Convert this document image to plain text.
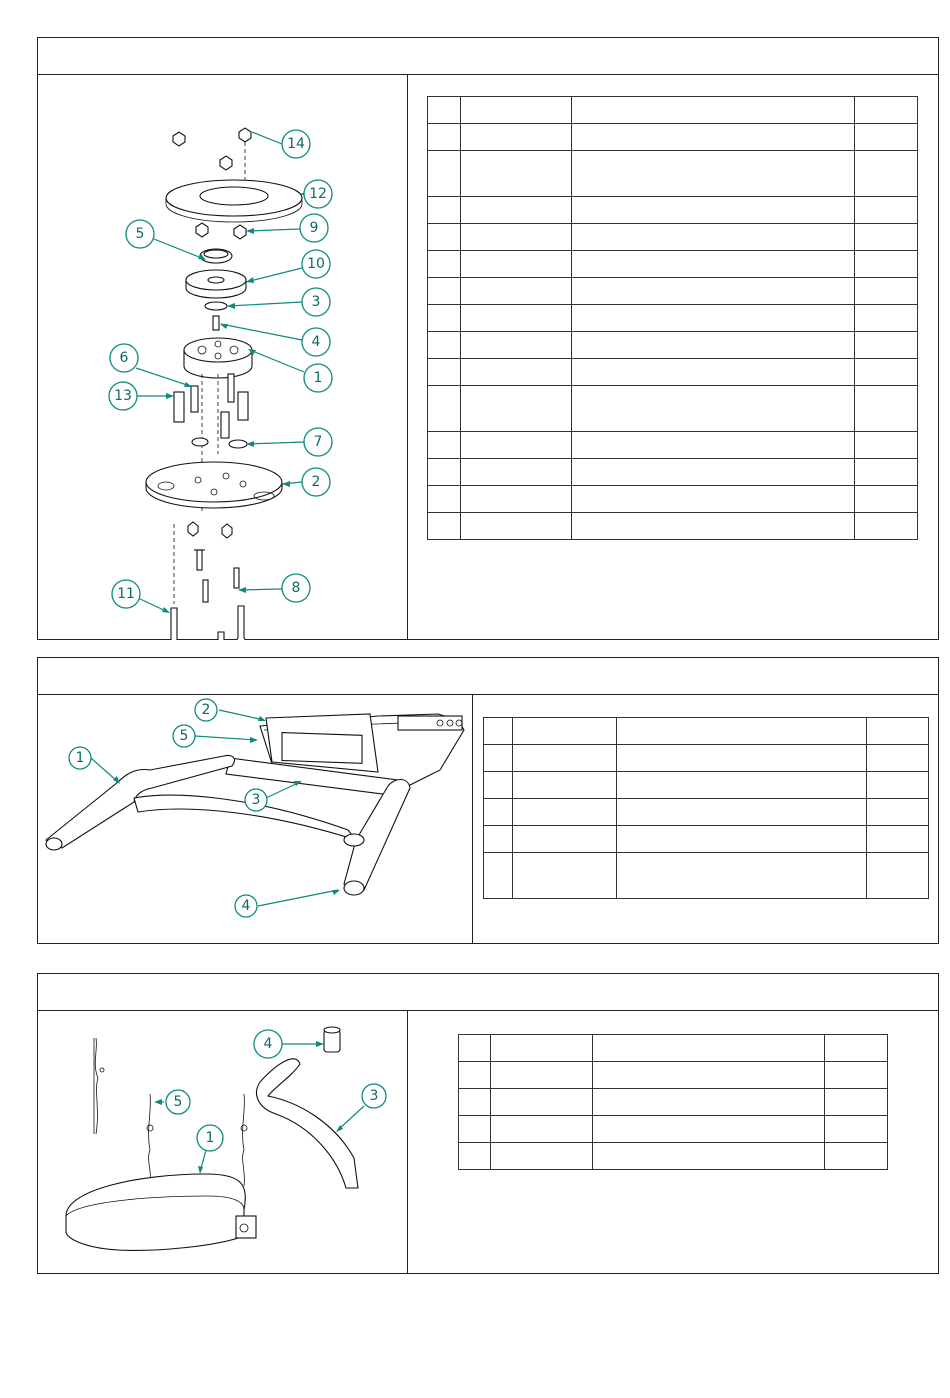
14
12
9
5
10
3
4
1
6
13
7
2
8
11

2
5
1
3
4

4
5	3
1
